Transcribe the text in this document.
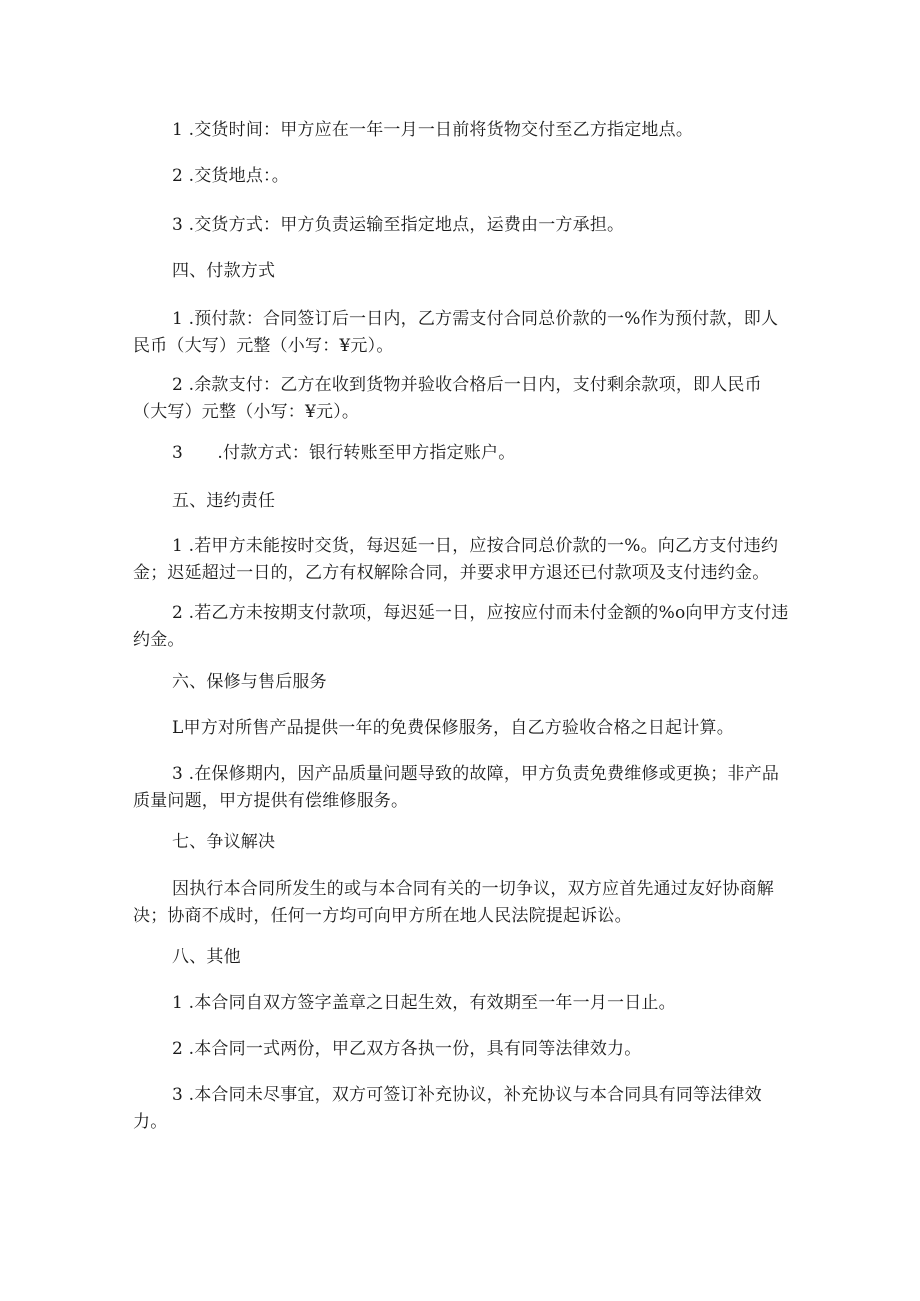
1 .交货时间：甲方应在一年一月一日前将货物交付至乙方指定地点。

2 .交货地点：。

3 .交货方式：甲方负责运输至指定地点，运费由一方承担。

四、付款方式

1 .预付款：合同签订后一日内，乙方需支付合同总价款的一%作为预付款，即人民币（大写）元整（小写：¥元）。

2 .余款支付：乙方在收到货物并验收合格后一日内，支付剩余款项，即人民币（大写）元整（小写：¥元）。

3　　.付款方式：银行转账至甲方指定账户。

五、违约责任

1 .若甲方未能按时交货，每迟延一日，应按合同总价款的一%。向乙方支付违约金；迟延超过一日的，乙方有权解除合同，并要求甲方退还已付款项及支付违约金。

2 .若乙方未按期支付款项，每迟延一日，应按应付而未付金额的%o向甲方支付违约金。

六、保修与售后服务

L甲方对所售产品提供一年的免费保修服务，自乙方验收合格之日起计算。

3 .在保修期内，因产品质量问题导致的故障，甲方负责免费维修或更换；非产品质量问题，甲方提供有偿维修服务。

七、争议解决

因执行本合同所发生的或与本合同有关的一切争议，双方应首先通过友好协商解决；协商不成时，任何一方均可向甲方所在地人民法院提起诉讼。

八、其他

1 .本合同自双方签字盖章之日起生效，有效期至一年一月一日止。

2 .本合同一式两份，甲乙双方各执一份，具有同等法律效力。

3 .本合同未尽事宜，双方可签订补充协议，补充协议与本合同具有同等法律效力。
